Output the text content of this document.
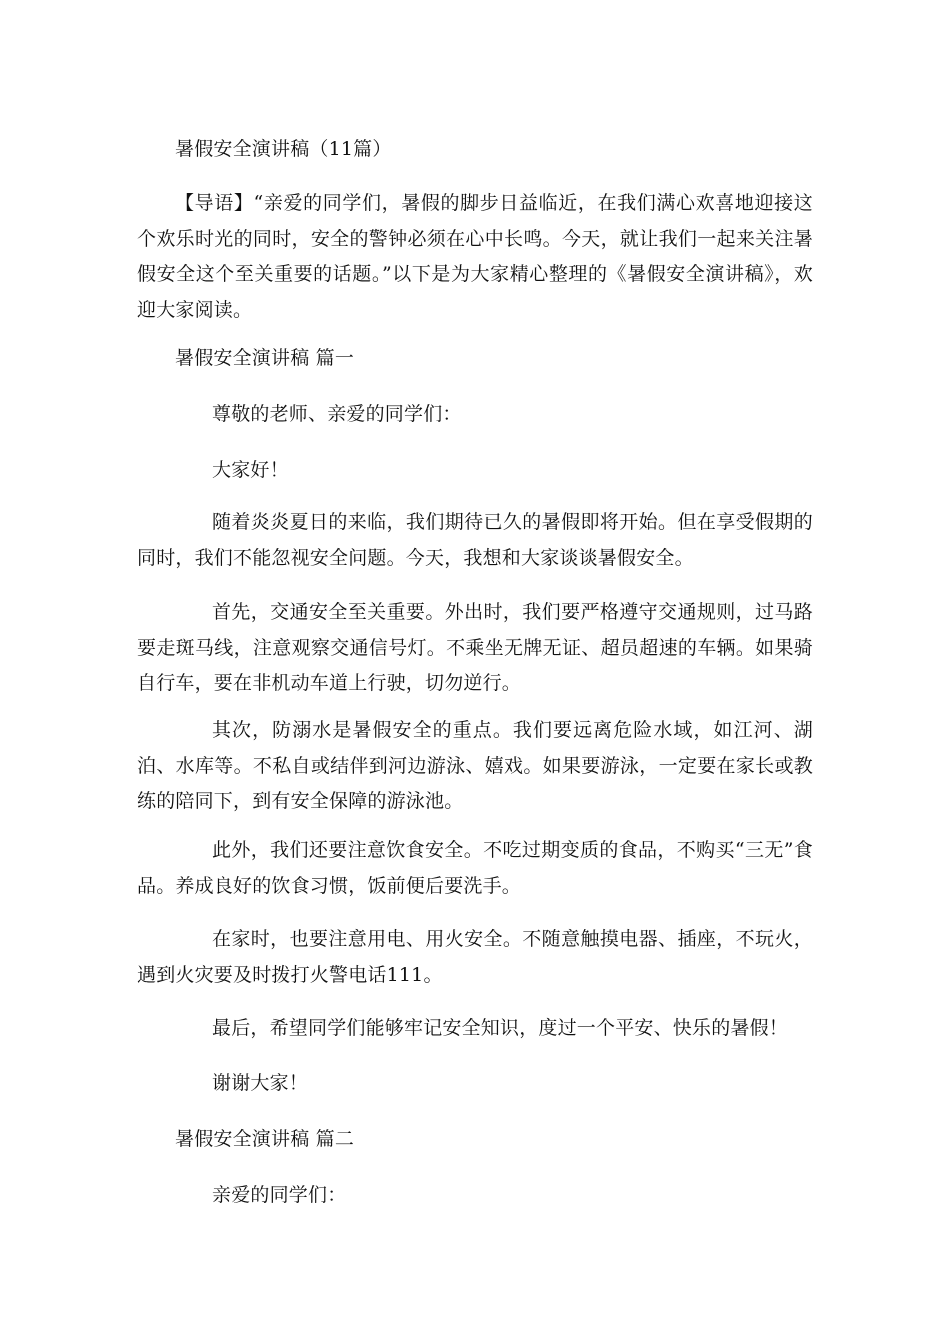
暑假安全演讲稿（11篇）
【导语】“亲爱的同学们，暑假的脚步日益临近，在我们满心欢喜地迎接这个欢乐时光的同时，安全的警钟必须在心中长鸣。今天，就让我们一起来关注暑假安全这个至关重要的话题。”以下是为大家精心整理的《暑假安全演讲稿》，欢迎大家阅读。
暑假安全演讲稿 篇一
尊敬的老师、亲爱的同学们：
大家好！
随着炎炎夏日的来临，我们期待已久的暑假即将开始。但在享受假期的同时，我们不能忽视安全问题。今天，我想和大家谈谈暑假安全。
首先，交通安全至关重要。外出时，我们要严格遵守交通规则，过马路要走斑马线，注意观察交通信号灯。不乘坐无牌无证、超员超速的车辆。如果骑自行车，要在非机动车道上行驶，切勿逆行。
其次，防溺水是暑假安全的重点。我们要远离危险水域，如江河、湖泊、水库等。不私自或结伴到河边游泳、嬉戏。如果要游泳，一定要在家长或教练的陪同下，到有安全保障的游泳池。
此外，我们还要注意饮食安全。不吃过期变质的食品，不购买“三无”食品。养成良好的饮食习惯，饭前便后要洗手。
在家时，也要注意用电、用火安全。不随意触摸电器、插座，不玩火，遇到火灾要及时拨打火警电话111。
最后，希望同学们能够牢记安全知识，度过一个平安、快乐的暑假！
谢谢大家！
暑假安全演讲稿 篇二
亲爱的同学们：
